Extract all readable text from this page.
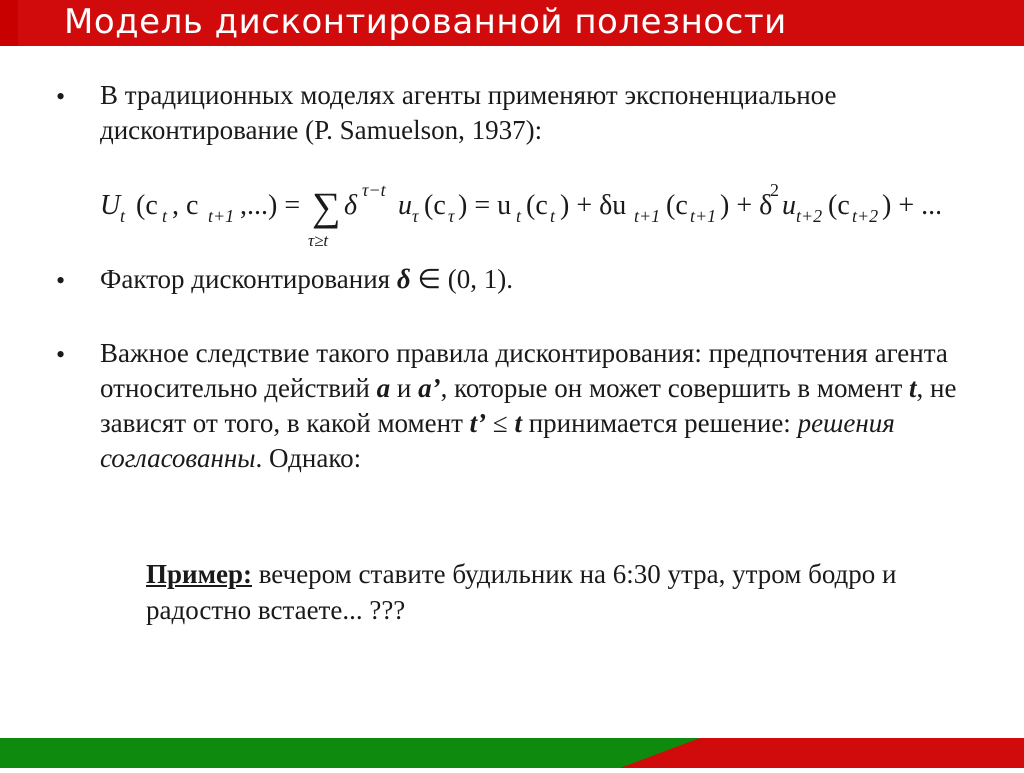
Модель дисконтированной полезности
• В традиционных моделях агенты применяют экспоненциальное дисконтирование (P. Samuelson, 1937):
U t (c t , c t+1 ,...) = ∑
τ≥t
δ τ−t u τ (c τ ) = u t (c t ) + δu t+1 (c t+1 ) + δ
2 u t+2 (c t+2 ) + ...
• Фактор дисконтирования δ ∈ (0, 1).
• Важное следствие такого правила дисконтирования: предпочтения агента относительно действий a и a’, которые он может совершить в момент t, не зависят от того, в какой момент t’ ≤ t принимается решение: решения согласованны. Однако:
Пример: вечером ставите будильник на 6:30 утра, утром бодро и радостно встаете... ???
